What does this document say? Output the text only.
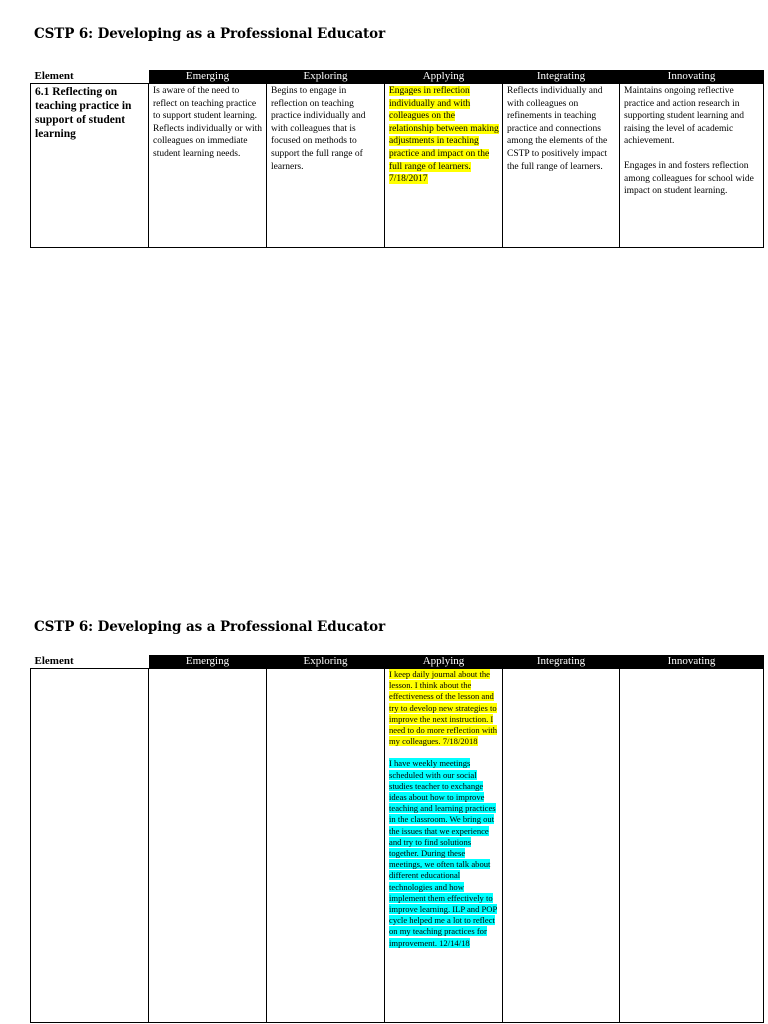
CSTP 6: Developing as a Professional Educator
Element	Emerging	Exploring	Applying	Integrating	Innovating
6.1 Reflecting on teaching practice in support of student learning	Is aware of the need to reflect on teaching practice to support student learning. Reflects individually or with colleagues on immediate student learning needs.	Begins to engage in reflection on teaching practice individually and with colleagues that is focused on methods to support the full range of learners.	Engages in reflection individually and with colleagues on the relationship between making adjustments in teaching practice and impact on the full range of learners. 7/18/2017	Reflects individually and with colleagues on refinements in teaching practice and connections among the elements of the CSTP to positively impact the full range of learners.	Maintains ongoing reflective practice and action research in supporting student learning and raising the level of academic achievement.
Engages in and fosters reflection among colleagues for school wide impact on student learning.
CSTP 6: Developing as a Professional Educator
Element	Emerging	Exploring	Applying	Integrating	Innovating
			I keep daily journal about the lesson. I think about the effectiveness of the lesson and try to develop new strategies to improve the next instruction. I need to do more reflection with my colleagues. 7/18/2018
I have weekly meetings scheduled with our social studies teacher to exchange ideas about how to improve teaching and learning practices in the classroom. We bring out the issues that we experience and try to find solutions together. During these meetings, we often talk about different educational technologies and how implement them effectively to improve learning. ILP and POP cycle helped me a lot to reflect on my teaching practices for improvement. 12/14/18		
